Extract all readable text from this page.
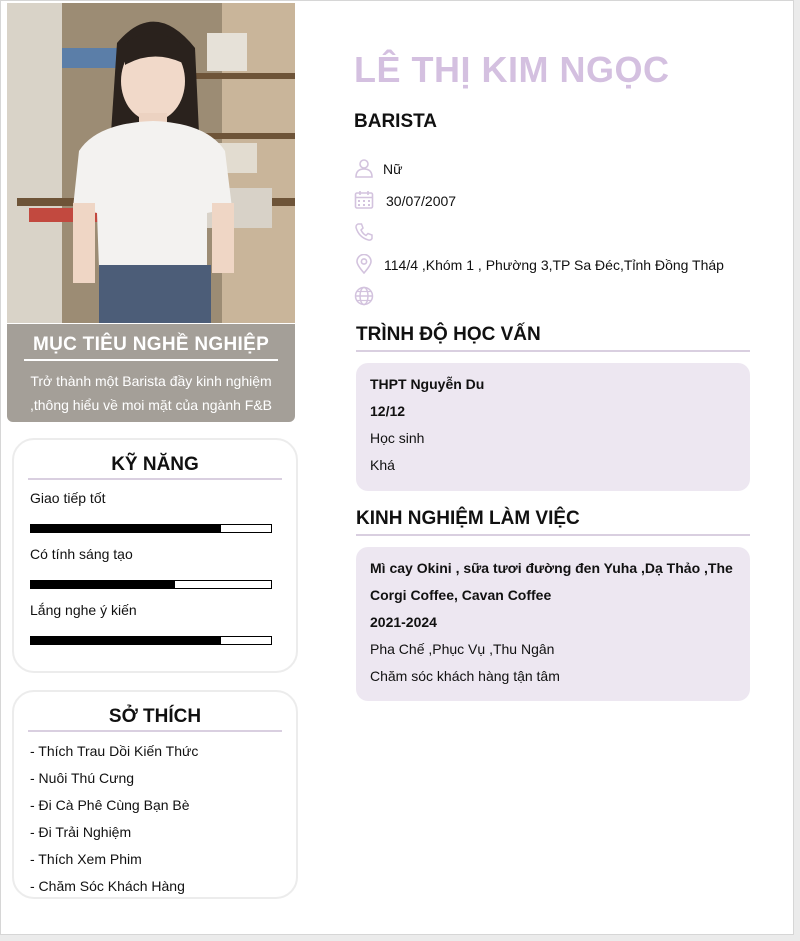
MỤC TIÊU NGHỀ NGHIỆP
Trở thành một Barista đầy kinh nghiệm
,thông hiểu về moi mặt của ngành F&B
KỸ NĂNG
Giao tiếp tốt
Có tính sáng tạo
Lắng nghe ý kiến
SỞ THÍCH
- Thích Trau Dồi Kiến Thức
- Nuôi Thú Cưng
- Đi Cà Phê Cùng Bạn Bè
- Đi Trải Nghiệm
- Thích Xem Phim
- Chăm Sóc Khách Hàng
LÊ THỊ KIM NGỌC
BARISTA
Nữ
30/07/2007
114/4 ,Khóm 1 , Phường 3,TP Sa Đéc,Tỉnh Đồng Tháp
TRÌNH ĐỘ HỌC VẤN
THPT Nguyễn Du
12/12
Học sinh
Khá
KINH NGHIỆM LÀM VIỆC
Mì cay Okini , sữa tươi đường đen Yuha ,Dạ Thảo ,The
Corgi Coffee, Cavan Coffee
2021-2024
Pha Chế ,Phục Vụ ,Thu Ngân
Chăm sóc khách hàng tận tâm
